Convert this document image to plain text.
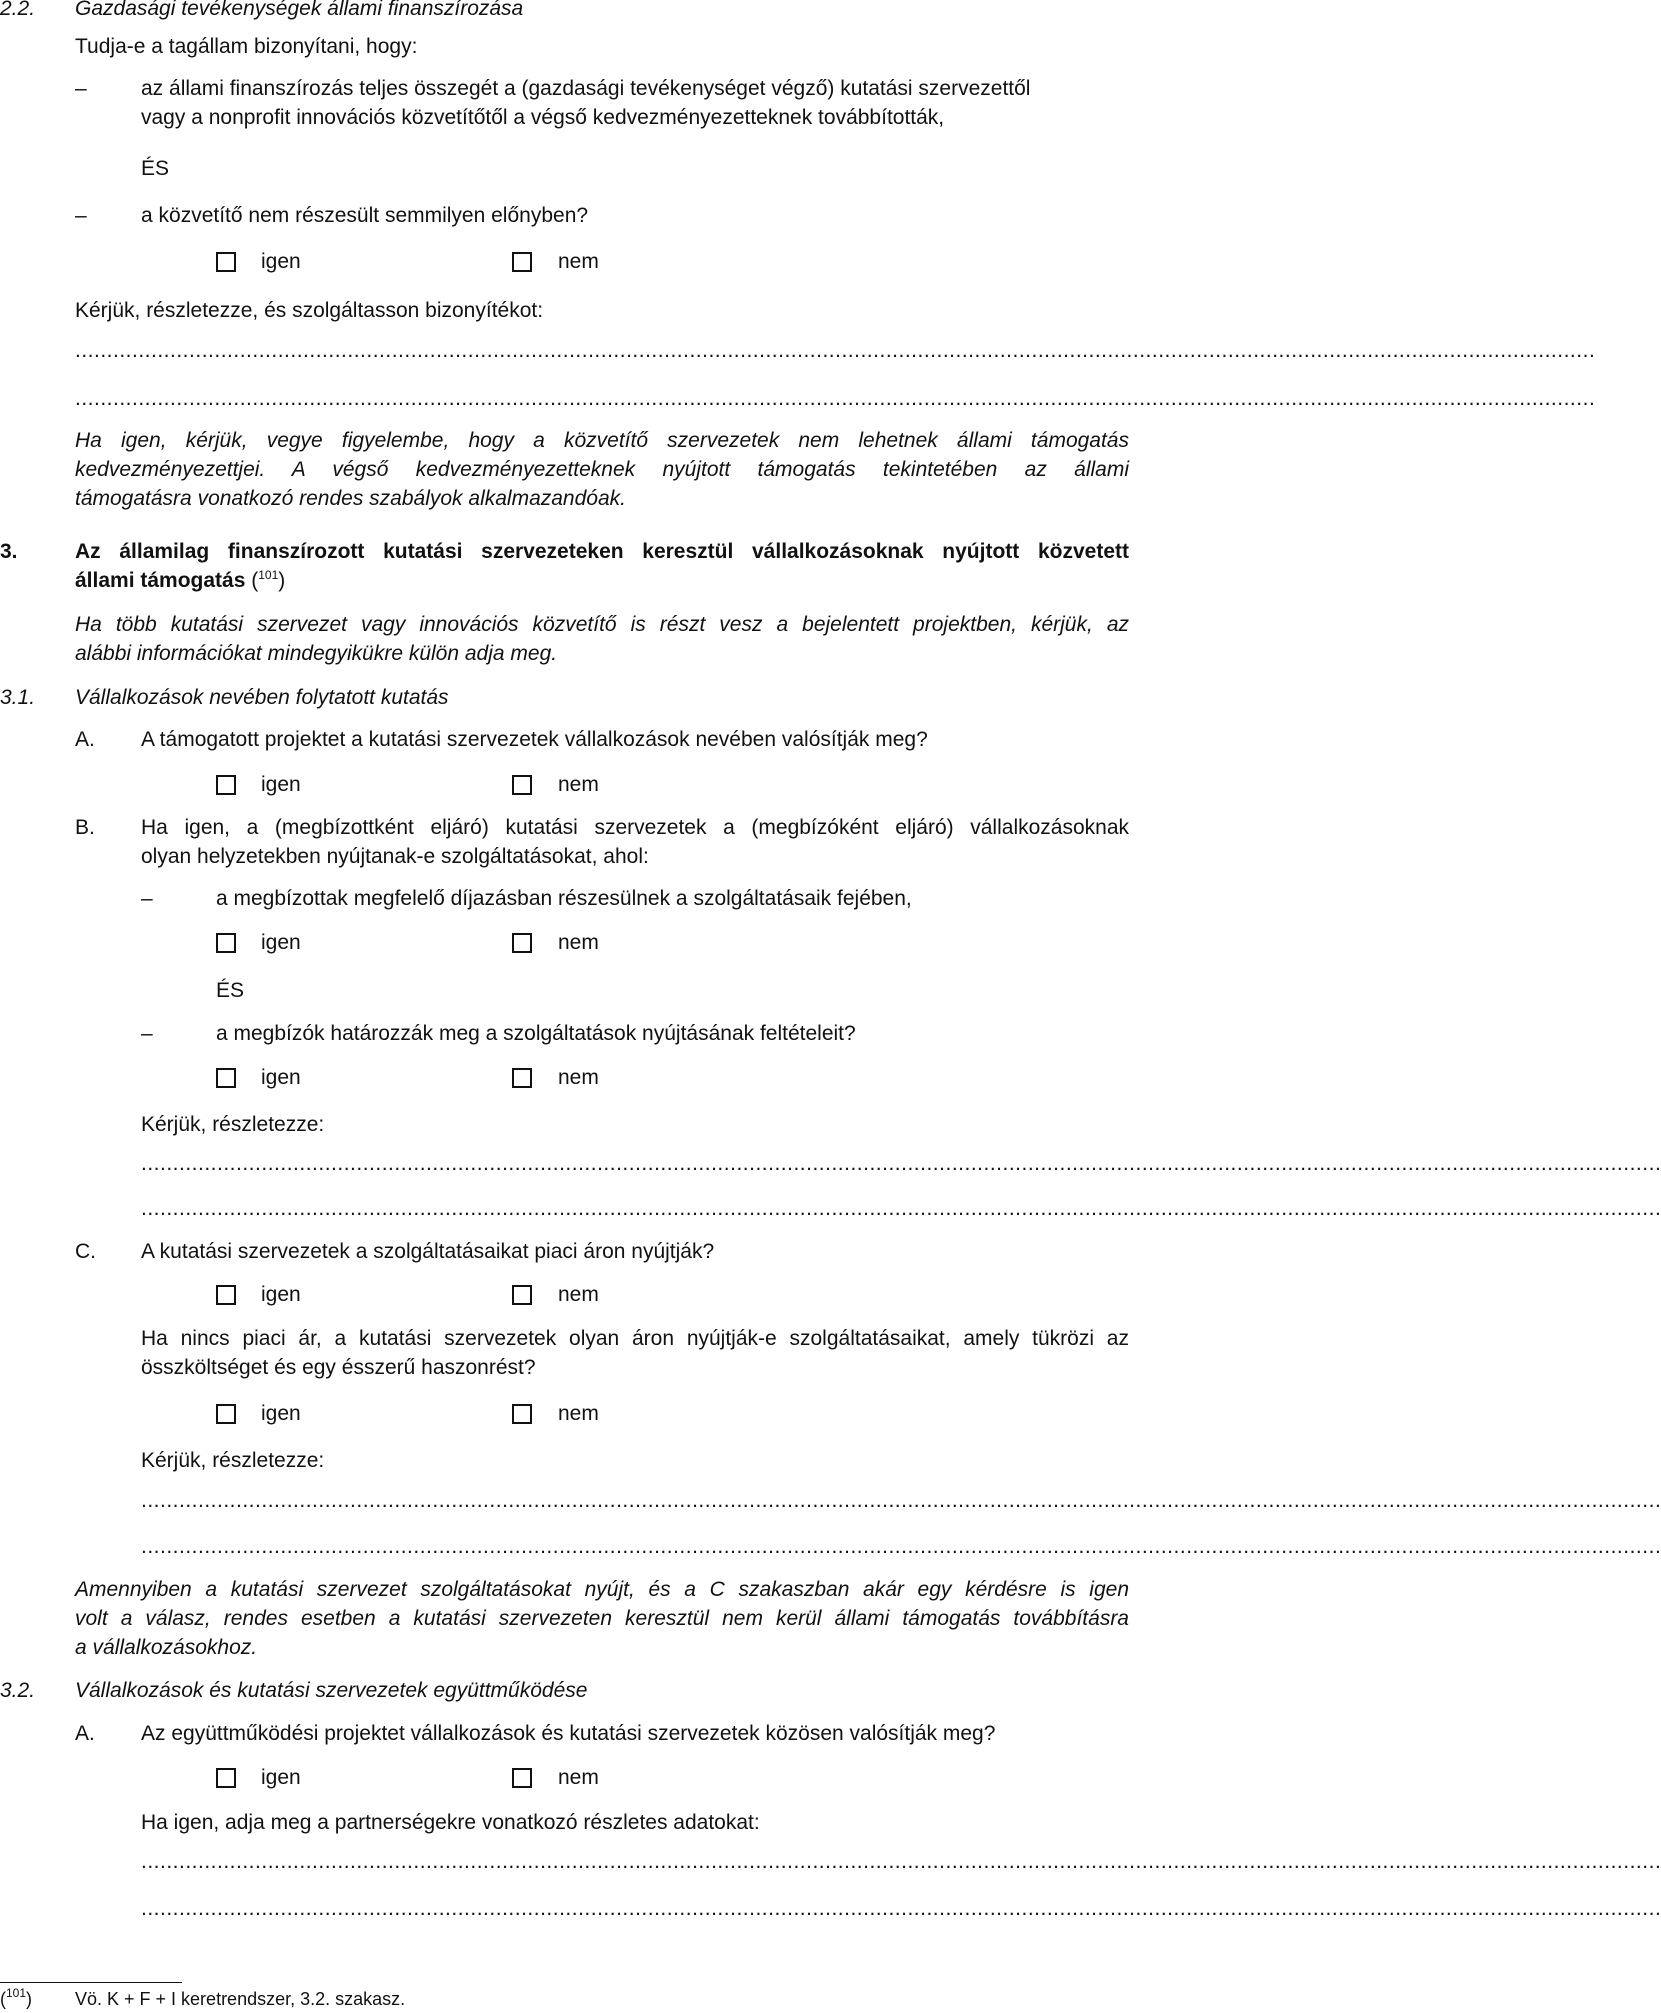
2.2. Gazdasági tevékenységek állami finanszírozása
Tudja-e a tagállam bizonyítani, hogy:
–	az állami finanszírozás teljes összegét a (gazdasági tevékenységet végző) kutatási szervezettől
vagy a nonprofit innovációs közvetítőtől a végső kedvezményezetteknek továbbították,
ÉS
–	a közvetítő nem részesült semmilyen előnyben?
igen	nem
Kérjük, részletezze, és szolgáltasson bizonyítékot:
................................................................................................................................................................................................................................................
................................................................................................................................................................................................................................................
Ha igen, kérjük, vegye figyelembe, hogy a közvetítő szervezetek nem lehetnek állami támogatás
kedvezményezettjei. A végső kedvezményezetteknek nyújtott támogatás tekintetében az állami
támogatásra vonatkozó rendes szabályok alkalmazandóak.
3.	Az államilag finanszírozott kutatási szervezeteken keresztül vállalkozásoknak nyújtott közvetett
állami támogatás ($^{101}$)
Ha több kutatási szervezet vagy innovációs közvetítő is részt vesz a bejelentett projektben, kérjük, az
alábbi információkat mindegyikükre külön adja meg.
3.1. Vállalkozások nevében folytatott kutatás
A. A támogatott projektet a kutatási szervezetek vállalkozások nevében valósítják meg?
igen	nem
B. Ha igen, a (megbízottként eljáró) kutatási szervezetek a (megbízóként eljáró) vállalkozásoknak
olyan helyzetekben nyújtanak-e szolgáltatásokat, ahol:
–	a megbízottak megfelelő díjazásban részesülnek a szolgáltatásaik fejében,
igen	nem
ÉS
–	a megbízók határozzák meg a szolgáltatások nyújtásának feltételeit?
igen	nem
Kérjük, részletezze:
................................................................................................................................................................................................................................................
................................................................................................................................................................................................................................................
C. A kutatási szervezetek a szolgáltatásaikat piaci áron nyújtják?
igen	nem
Ha nincs piaci ár, a kutatási szervezetek olyan áron nyújtják-e szolgáltatásaikat, amely tükrözi az
összköltséget és egy ésszerű haszonrést?
igen	nem
Kérjük, részletezze:
................................................................................................................................................................................................................................................
................................................................................................................................................................................................................................................
Amennyiben a kutatási szervezet szolgáltatásokat nyújt, és a C szakaszban akár egy kérdésre is igen
volt a válasz, rendes esetben a kutatási szervezeten keresztül nem kerül állami támogatás továbbításra
a vállalkozásokhoz.
3.2. Vállalkozások és kutatási szervezetek együttműködése
A. Az együttműködési projektet vállalkozások és kutatási szervezetek közösen valósítják meg?
igen	nem
Ha igen, adja meg a partnerségekre vonatkozó részletes adatokat:
................................................................................................................................................................................................................................................
................................................................................................................................................................................................................................................
($^{101}$) Vö. K + F + I keretrendszer, 3.2. szakasz.
